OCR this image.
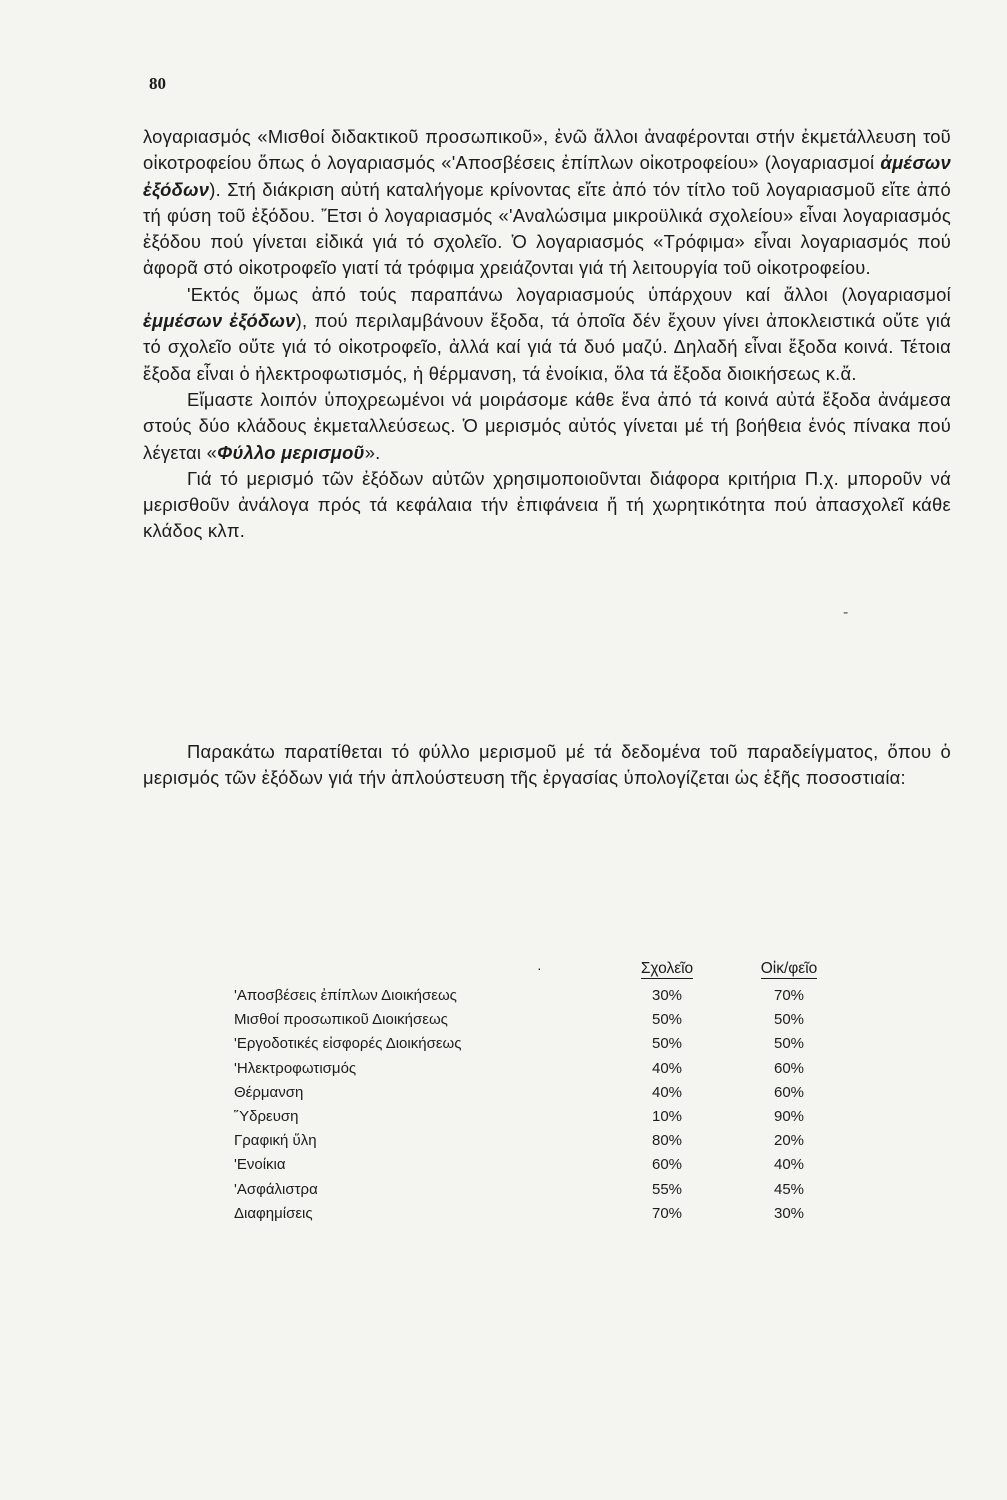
80

λογαριασμός «Μισθοί διδακτικοῦ προσωπικοῦ», ἐνῶ ἄλλοι ἀναφέρονται στήν ἐκμετάλλευση τοῦ οἰκοτροφείου ὅπως ὁ λογαριασμός «'Αποσβέσεις ἐπίπλων οἰκοτροφείου» (λογαριασμοί ἀμέσων ἐξόδων). Στή διάκριση αὐτή καταλήγομε κρίνοντας εἴτε ἀπό τόν τίτλο τοῦ λογαριασμοῦ εἴτε ἀπό τή φύση τοῦ ἐξόδου. Ἔτσι ὁ λογαριασμός «'Αναλώσιμα μικροϋλικά σχολείου» εἶναι λογαριασμός ἐξόδου πού γίνεται εἰδικά γιά τό σχολεῖο. Ὁ λογαριασμός «Τρόφιμα» εἶναι λογαριασμός πού ἀφορᾶ στό οἰκοτροφεῖο γιατί τά τρόφιμα χρειάζονται γιά τή λειτουργία τοῦ οἰκοτροφείου.

'Εκτός ὅμως ἀπό τούς παραπάνω λογαριασμούς ὑπάρχουν καί ἄλλοι (λογαριασμοί ἐμμέσων ἐξόδων), πού περιλαμβάνουν ἔξοδα, τά ὁποῖα δέν ἔχουν γίνει ἀποκλειστικά οὔτε γιά τό σχολεῖο οὔτε γιά τό οἰκοτροφεῖο, ἀλλά καί γιά τά δυό μαζύ. Δηλαδή εἶναι ἔξοδα κοινά. Τέτοια ἔξοδα εἶναι ὁ ἠλεκτροφωτισμός, ἡ θέρμανση, τά ἐνοίκια, ὅλα τά ἔξοδα διοικήσεως κ.ἄ.

Εἴμαστε λοιπόν ὑποχρεωμένοι νά μοιράσομε κάθε ἕνα ἀπό τά κοινά αὐτά ἔξοδα ἀνάμεσα στούς δύο κλάδους ἐκμεταλλεύσεως. Ὁ μερισμός αὐτός γίνεται μέ τή βοήθεια ἑνός πίνακα πού λέγεται «Φύλλο μερισμοῦ».

Γιά τό μερισμό τῶν ἐξόδων αὐτῶν χρησιμοποιοῦνται διάφορα κριτήρια Π.χ. μποροῦν νά μερισθοῦν ἀνάλογα πρός τά κεφάλαια τήν ἐπιφάνεια ἤ τή χωρητικότητα πού ἀπασχολεῖ κάθε κλάδος κλπ.

-

Παρακάτω παρατίθεται τό φύλλο μερισμοῦ μέ τά δεδομένα τοῦ παραδείγματος, ὅπου ὁ μερισμός τῶν ἐξόδων γιά τήν ἁπλούστευση τῆς ἐργασίας ὑπολογίζεται ὡς ἑξῆς ποσοστιαία:

·	Σχολεῖο	Οἰκ/φεῖο
'Αποσβέσεις ἐπίπλων Διοικήσεως	30%	70%
Μισθοί προσωπικοῦ Διοικήσεως	50%	50%
'Εργοδοτικές εἰσφορές Διοικήσεως	50%	50%
'Ηλεκτροφωτισμός	40%	60%
Θέρμανση	40%	60%
Ὕδρευση	10%	90%
Γραφική ὕλη	80%	20%
'Ενοίκια	60%	40%
'Ασφάλιστρα	55%	45%
Διαφημίσεις	70%	30%
